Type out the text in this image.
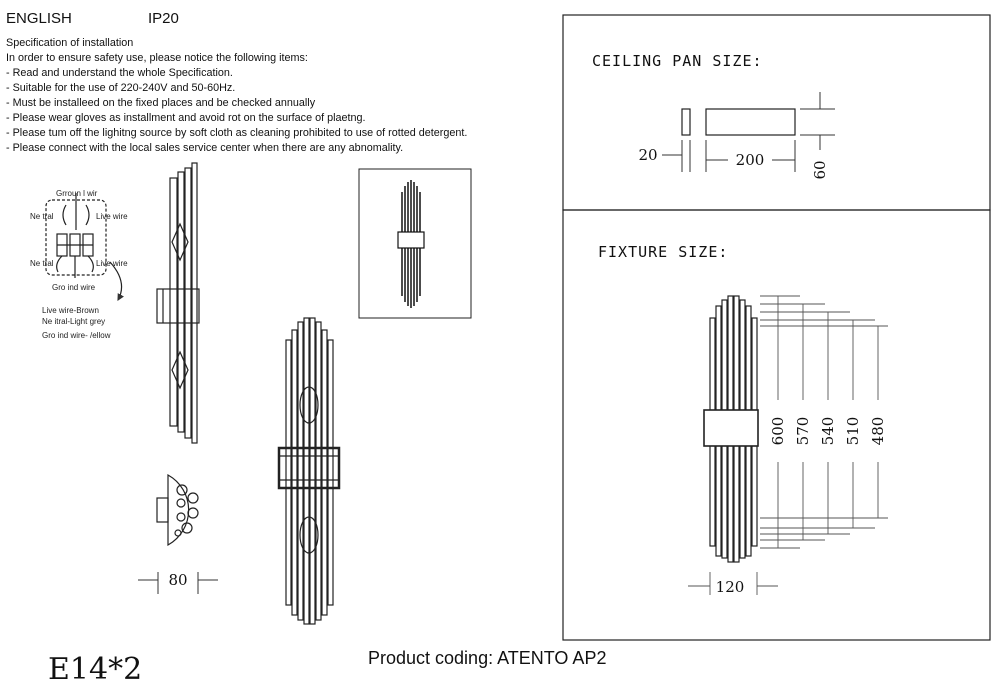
ENGLISH	IP20
Specification of installation
In order to ensure safety use, please notice the following items:
- Read and understand the whole Specification.
- Suitable for the use of 220-240V and 50-60Hz.
- Must be installeed on the fixed places and be checked annually
- Please wear gloves as installment and avoid rot on the surface of plaetng.
- Please tum off the lighitng source by soft cloth as cleaning prohibited to use of rotted detergent.
- Please connect with the local sales service center when there are any abnomality.
Grroun l wir
Ne tral	Live wire
Ne tral	Live wire
Gro ind wire
Live wire-Brown
Ne itral-Light grey
Gro ind wire- /ellow
80
20	200
60
600 570 540 510 480
120
CEILING PAN SIZE:
FIXTURE SIZE:
Product coding: ATENTO AP2
E14*2
